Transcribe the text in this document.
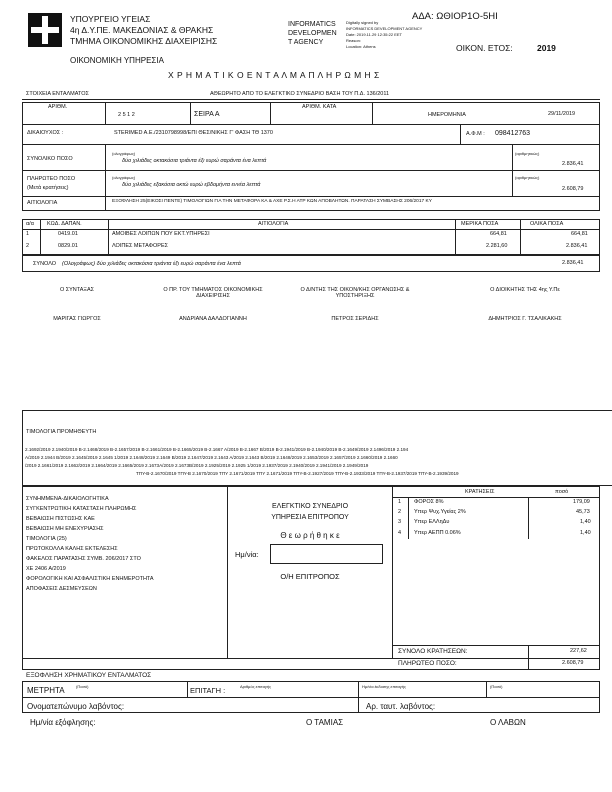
ΥΠΟΥΡΓΕΙΟ ΥΓΕΙΑΣ
4η Δ.Υ.ΠΕ. ΜΑΚΕΔΟΝΙΑΣ & ΘΡΑΚΗΣ
ΤΜΗΜΑ ΟΙΚΟΝΟΜΙΚΗΣ ΔΙΑΧΕΙΡΙΣΗΣ
ΟΙΚΟΝΟΜΙΚΗ ΥΠΗΡΕΣΙΑ
INFORMATICS
DEVELOPMEN
T AGENCY
Digitally signed by
INFORMATICS DEVELOPMENT AGENCY
Date: 2019.11.29 12:35:22 EET
Reason:
Location: Athens
ΑΔΑ: ΩΘΙΟΡ1Ο-5ΗΙ
ΟΙΚΟΝ. ΕΤΟΣ:	2019
Χ Ρ Η Μ Α Τ Ι Κ Ο Ε Ν Τ Α Λ Μ Α Π Λ Η Ρ Ω Μ Η Σ
ΣΤΟΙΧΕΙΑ ΕΝΤΑΛΜΑΤΟΣ	ΑΘΕΩΡΗΤΟ ΑΠΟ ΤΟ ΕΛΕΓΚΤΙΚΟ ΣΥΝΕΔΡΙΟ ΒΑΣΗ ΤΟΥ Π.Δ. 136/2011
ΑΡΙΘΜ.
2 5 1 2	ΣΕΙΡΑ Α
ΑΡΙΘΜ. ΚΑΤΑ
ΗΜΕΡΟΜΗΝΙΑ	29/11/2019
ΔΙΚΑΙΟΥΧΟΣ :	STERIMED A.E./2310798998/ΕΠΙ ΘΕΣ/ΝΙΚΗΣ Γ' ΦΑΣΗ ΤΘ 1370	Α.Φ.Μ : 098412763
ΣΥΝΟΛΙΚΟ ΠΟΣΟ
(ολογράφως)
δύο χιλιάδες οκτακόσια τριάντα έξι ευρώ σαράντα ένα λεπτά
(αριθμητικώς)
2.836,41
ΠΛΗΡΩΤΕΟ ΠΟΣΟ
(Μετά κρατήσεις)
(ολογράφως)
δύο χιλιάδες εξακόσια οκτώ ευρώ εβδομήντα εννέα λεπτά
(αριθμητικώς)
2.608,79
ΑΙΤΙΟΛΟΓΙΑ	ΕΞΟΦΛΗΣΗ 25(ΕΙΚΟΣΙ ΠΕΝΤΕ) ΤΙΜΟΛΟΓΙΩΝ ΓΙΑ ΤΗΝ ΜΕΤΑΦΟΡΑ ΚΑ & ΑΧΕ Ρ.Σ.Η ΑΤΡ ΚΩΝ ΑΠΟΒΛΗΤΩΝ. ΠΑΡΑΤΑΣΗ ΣΥΜΒΑΣΗΣ 206/2017 ΚΥ
α/α ΚΩΔ. ΔΑΠΑΝ.	ΑΙΤΙΟΛΟΓΙΑ	ΜΕΡΙΚΑ ΠΟΣΑ	ΟΛΙΚΑ ΠΟΣΑ
1	0419.01	ΑΜΟΙΒΕΣ ΛΟΙΠΩΝ ΠΟΥ ΕΚΤ.ΥΠΗΡΕΣΙ	664,81	664,81
2	0829.01	ΛΟΙΠΕΣ ΜΕΤΑΦΟΡΕΣ	2.281,60	2.836,41
ΣΥΝΟΛΟ (Ολογράφως) δύο χιλιάδες οκτακόσια τριάντα έξι ευρώ σαράντα ένα λεπτά	2.836,41
Ο ΣΥΝΤΑΞΑΣ
ΜΑΡΙΓΑΣ ΓΙΩΡΓΟΣ
Ο ΠΡ. ΤΟΥ ΤΜΗΜΑΤΟΣ ΟΙΚΟΝΟΜΙΚΗΣ ΔΙΑΧΕΙΡΙΣΗΣ
ΑΝΔΡΙΑΝΑ ΔΑΛΔΟΓΙΑΝΝΗ
Ο Δ/ΝΤΗΣ ΤΗΣ ΟΙΚΟΝ/ΚΗΣ ΟΡΓΑΝΩΣΗΣ & ΥΠΟΣΤΗΡΙΞΗΣ
ΠΕΤΡΟΣ ΣΕΡΙΔΗΣ
Ο ΔΙΟΙΚΗΤΗΣ ΤΗΣ 4ης Υ.Πε
ΔΗΜΗΤΡΙΟΣ Γ. ΤΣΑΛΙΚΑΚΗΣ
ΤΙΜΟΛΟΓΙΑ ΠΡΟΜΗΘΕΥΤΗ
2.1692/2019 2.1940/2019 Β-2.1468/2019 Β-2.1657/2019 Β-2.1661/2019 Β-2.1665/2019 Β-2.1667 Α/2019 Β-2.1667 Β/2019 Β-2.1941/2019 Β-2.1940/2019 Β-2.1649/2019 2.1496/2019 2.194
Α/2019 2.1944 Β/2019 2.1645/2019 2.1645 1/2019 2.1648/2019 2.1649 Β/2019 2.1647/2019 2.1643 Α/2019 2.1643 Β/2019 2.1648/2019 2.1653/2019 2.1657/2019 2.1660/2019 2.1660
/2019 2.1661/2019 2.1662/2019 2.1664/2019 2.1665/2019 2.1673Α/2019 2.1673Β/2019 2.1925/2019 2.1925 1/2019 2.1937/2019 2.1940/2019 2.1941/2019 2.1949/2019
ΤΠΥ-Β-2.1670/2019 ΤΠΥ-Β 2.1670/2019 ΤΠΥ 2.1671/2019 ΤΠΥ 2.1671/2019 ΤΠΥ-Β-2.1927/2019 ΤΠΥ-Β-2.1933/2019 ΤΠΥ-Β-2.1937/2019 ΤΠΥ-Β-2.1939/2019
ΣΥΝΗΜΜΕΝΑ-ΔΙΚΑΙΟΛΟΓΗΤΙΚΑ
ΣΥΓΚΕΝΤΡΩΤΙΚΗ ΚΑΤΑΣΤΑΣΗ ΠΛΗΡΩΜΗΣ
ΒΕΒΑΙΩΣΗ ΠΙΣΤΩΣΗΣ ΚΑΕ
ΒΕΒΑΙΩΣΗ ΜΗ ΕΝΕΧΥΡΙΑΣΗΣ
ΤΙΜΟΛΟΓΙΑ (25)
ΠΡΩΤΟΚΟΛΛΑ ΚΑΛΗΣ ΕΚΤΕΛΕΣΗΣ
ΦΑΚΕΛΟΣ ΠΑΡΑΤΑΣΗΣ ΣΥΜΒ. 206/2017 ΣΤΟ
ΧΕ 2406 Α/2019
ΦΟΡΟΛΟΓΙΚΗ ΚΑΙ ΑΣΦΑΛΙΣΤΙΚΗ ΕΝΗΜΕΡΟΤΗΤΑ
ΑΠΟΦΑΣΕΙΣ ΔΕΣΜΕΥΣΕΩΝ
ΕΛΕΓΚΤΙΚΟ ΣΥΝΕΔΡΙΟ
ΥΠΗΡΕΣΙΑ ΕΠΙΤΡΟΠΟΥ
Θ ε ω ρ ή θ η κ ε
Ημ/νία:
Ο/Η ΕΠΙΤΡΟΠΟΣ
ΚΡΑΤΗΣΕΙΣ	ποσό
1 ΦΟΡΟΣ 8%	179,09
2 Υπερ Ψυχ.Υγείας 2%	45,73
3 Υπερ ΕΛΛηΔυ	1,40
4 Υπερ ΑΕΠΠ 0.06%	1,40
ΣΥΝΟΛΟ ΚΡΑΤΗΣΕΩΝ:	227,62
ΠΛΗΡΩΤΕΟ ΠΟΣΟ:	2.608,79
ΕΞΟΦΛΗΣΗ ΧΡΗΜΑΤΙΚΟΥ ΕΝΤΑΛΜΑΤΟΣ
ΜΕΤΡΗΤΑ	(Ποσό)	ΕΠΙΤΑΓΗ :	Αριθμός επιταγής	Ημ/νία έκδοσης επιταγής	(Ποσό)
Ονοματεπώνυμο λαβόντος:	Αρ. ταυτ. λαβόντος:
Ημ/νία εξόφλησης:	Ο ΤΑΜΙΑΣ	Ο ΛΑΒΩΝ
